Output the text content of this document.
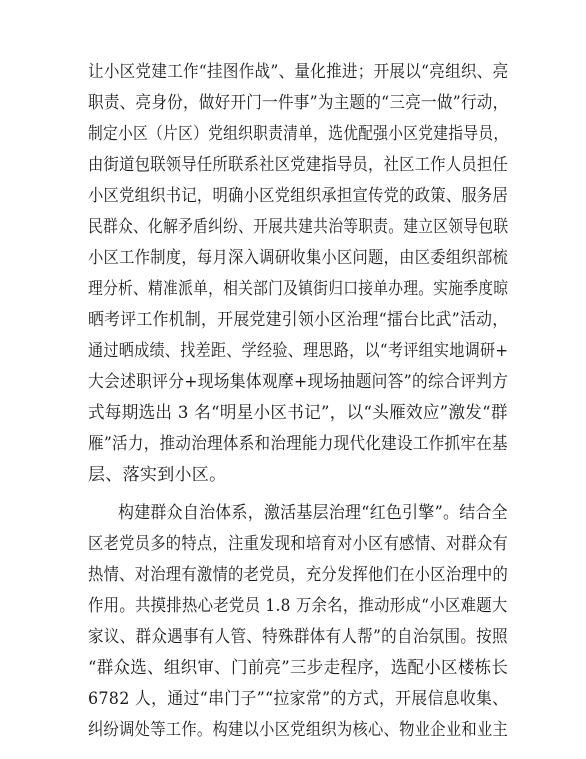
让小区党建工作“挂图作战”、量化推进；开展以“亮组织、亮
职责、亮身份，做好开门一件事”为主题的“三亮一做”行动，
制定小区（片区）党组织职责清单，选优配强小区党建指导员，
由街道包联领导任所联系社区党建指导员，社区工作人员担任
小区党组织书记，明确小区党组织承担宣传党的政策、服务居
民群众、化解矛盾纠纷、开展共建共治等职责。建立区领导包联
小区工作制度，每月深入调研收集小区问题，由区委组织部梳
理分析、精准派单，相关部门及镇街归口接单办理。实施季度晾
晒考评工作机制，开展党建引领小区治理“擂台比武”活动，
通过晒成绩、找差距、学经验、理思路，以“考评组实地调研+
大会述职评分+现场集体观摩+现场抽题问答”的综合评判方
式每期选出 3 名“明星小区书记”，以“头雁效应”激发“群
雁”活力，推动治理体系和治理能力现代化建设工作抓牢在基
层、落实到小区。
构建群众自治体系，激活基层治理“红色引擎”。结合全
区老党员多的特点，注重发现和培育对小区有感情、对群众有
热情、对治理有激情的老党员，充分发挥他们在小区治理中的
作用。共摸排热心老党员 1.8 万余名，推动形成“小区难题大
家议、群众遇事有人管、特殊群体有人帮”的自治氛围。按照
“群众选、组织审、门前亮”三步走程序，选配小区楼栋长
6782 人，通过“串门子”“拉家常”的方式，开展信息收集、
纠纷调处等工作。构建以小区党组织为核心、物业企业和业主
